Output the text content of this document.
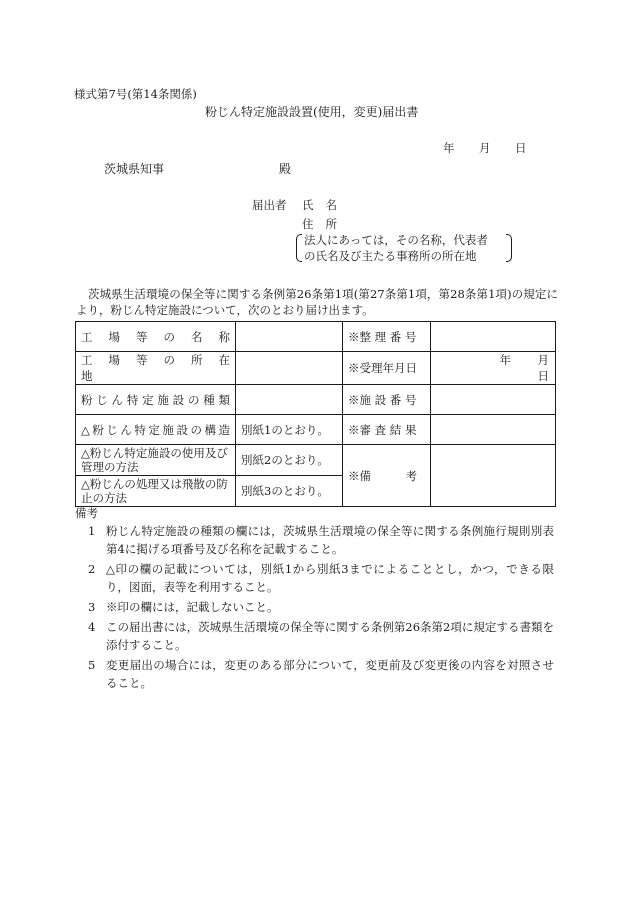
様式第7号(第14条関係)
粉じん特定施設設置(使用，変更)届出書
年 月 日
茨城県知事	殿
届出者 氏名
住所
法人にあっては，その名称，代表者
の氏名及び主たる事務所の所在地
茨城県生活環境の保全等に関する条例第26条第1項(第27条第1項，第28条第1項)の規定により，粉じん特定施設について，次のとおり届け出ます。
工　場　等　の　名　称		※整 理 番 号	
工　場　等　の　所　在　地		※受理年月日	年 月日
粉じん特定施設の種類		※施 設 番 号	
△粉じん特定施設の構造	別紙1のとおり。	※審 査 結 果	
△粉じん特定施設の使用及び管理の方法	別紙2のとおり。	※備　　　考	
△粉じんの処理又は飛散の防止の方法	別紙3のとおり。		
備考
1 粉じん特定施設の種類の欄には，茨城県生活環境の保全等に関する条例施行規則別表第4に掲げる項番号及び名称を記載すること。
2 △印の欄の記載については，別紙1から別紙3までによることとし，かつ，できる限り，図面，表等を利用すること。
3 ※印の欄には，記載しないこと。
4 この届出書には，茨城県生活環境の保全等に関する条例第26条第2項に規定する書類を添付すること。
5 変更届出の場合には，変更のある部分について，変更前及び変更後の内容を対照させること。
